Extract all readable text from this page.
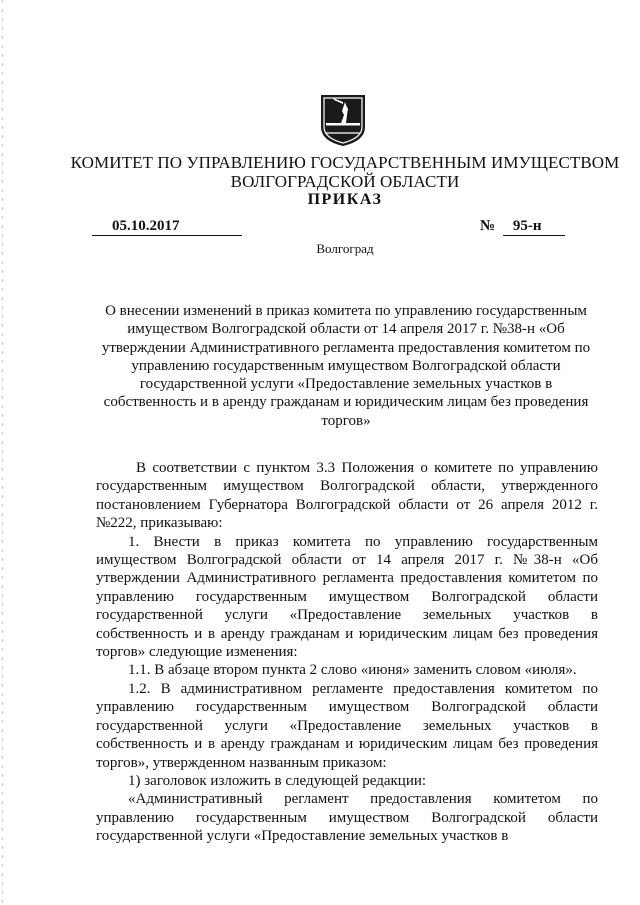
КОМИТЕТ ПО УПРАВЛЕНИЮ ГОСУДАРСТВЕННЫМ ИМУЩЕСТВОМ
ВОЛГОГРАДСКОЙ ОБЛАСТИ
ПРИКАЗ
05.10.2017	№ 95-н
Волгоград
О внесении изменений в приказ комитета по управлению государственным имуществом Волгоградской области от 14 апреля 2017 г. №38-н «Об утверждении Административного регламента предоставления комитетом по управлению государственным имуществом Волгоградской области государственной услуги «Предоставление земельных участков в собственность и в аренду гражданам и юридическим лицам без проведения торгов»

В соответствии с пунктом 3.3 Положения о комитете по управлению государственным имуществом Волгоградской области, утвержденного постановлением Губернатора Волгоградской области от 26 апреля 2012 г. №222, приказываю:

1. Внести в приказ комитета по управлению государственным имуществом Волгоградской области от 14 апреля 2017 г. №38-н «Об утверждении Административного регламента предоставления комитетом по управлению государственным имуществом Волгоградской области государственной услуги «Предоставление земельных участков в собственность и в аренду гражданам и юридическим лицам без проведения торгов» следующие изменения:

1.1. В абзаце втором пункта 2 слово «июня» заменить словом «июля».

1.2. В административном регламенте предоставления комитетом по управлению государственным имуществом Волгоградской области государственной услуги «Предоставление земельных участков в собственность и в аренду гражданам и юридическим лицам без проведения торгов», утвержденном названным приказом:

1) заголовок изложить в следующей редакции:

«Административный регламент предоставления комитетом по управлению государственным имуществом Волгоградской области государственной услуги «Предоставление земельных участков в
